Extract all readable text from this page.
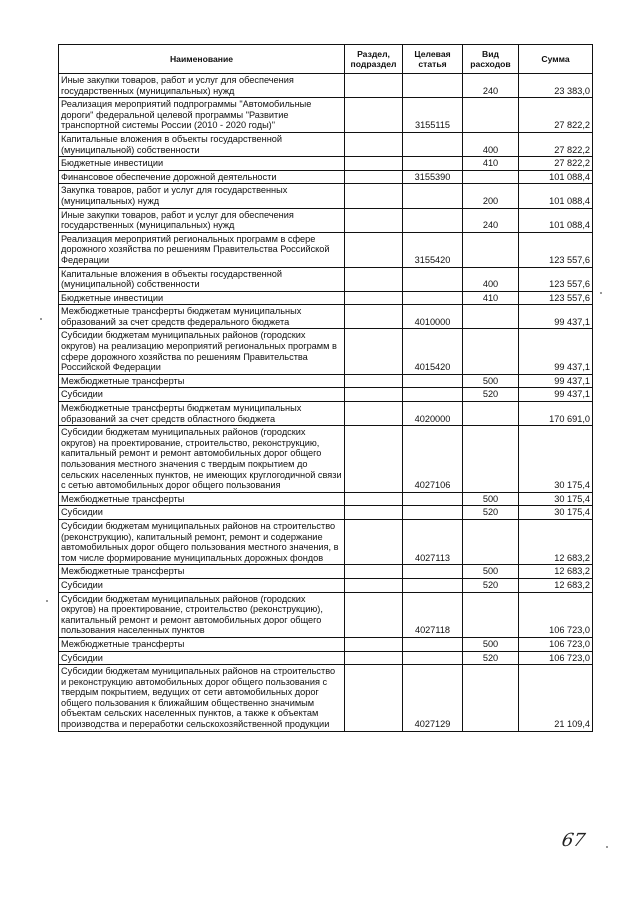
Наименование	Раздел, подраздел	Целевая статья	Вид расходов	Сумма
Иные закупки товаров, работ и услуг для обеспечения государственных (муниципальных) нужд			240	23 383,0
Реализация мероприятий подпрограммы "Автомобильные дороги" федеральной целевой программы "Развитие транспортной системы России (2010 - 2020 годы)"		3155115		27 822,2
Капитальные вложения в объекты государственной (муниципальной) собственности			400	27 822,2
Бюджетные инвестиции			410	27 822,2
Финансовое обеспечение дорожной деятельности		3155390		101 088,4
Закупка товаров, работ и услуг для государственных (муниципальных) нужд			200	101 088,4
Иные закупки товаров, работ и услуг для обеспечения государственных (муниципальных) нужд			240	101 088,4
Реализация мероприятий региональных программ в сфере дорожного хозяйства по решениям Правительства Российской Федерации		3155420		123 557,6
Капитальные вложения в объекты государственной (муниципальной) собственности			400	123 557,6
Бюджетные инвестиции			410	123 557,6
Межбюджетные трансферты бюджетам муниципальных образований за счет средств федерального бюджета		4010000		99 437,1
Субсидии бюджетам муниципальных районов (городских округов) на реализацию мероприятий региональных программ в сфере дорожного хозяйства по решениям Правительства Российской Федерации		4015420		99 437,1
Межбюджетные трансферты			500	99 437,1
Субсидии			520	99 437,1
Межбюджетные трансферты бюджетам муниципальных образований за счет средств областного бюджета		4020000		170 691,0
Субсидии бюджетам муниципальных районов (городских округов) на проектирование, строительство, реконструкцию, капитальный ремонт и ремонт автомобильных дорог общего пользования местного значения с твердым покрытием до сельских населенных пунктов, не имеющих круглогодичной связи с сетью автомобильных дорог общего пользования		4027106		30 175,4
Межбюджетные трансферты			500	30 175,4
Субсидии			520	30 175,4
Субсидии бюджетам муниципальных районов на строительство (реконструкцию), капитальный ремонт, ремонт и содержание автомобильных дорог общего пользования местного значения, в том числе формирование муниципальных дорожных фондов		4027113		12 683,2
Межбюджетные трансферты			500	12 683,2
Субсидии			520	12 683,2
Субсидии бюджетам муниципальных районов (городских округов) на проектирование, строительство (реконструкцию), капитальный ремонт и ремонт автомобильных дорог общего пользования населенных пунктов		4027118		106 723,0
Межбюджетные трансферты			500	106 723,0
Субсидии			520	106 723,0
Субсидии бюджетам муниципальных районов на строительство и реконструкцию автомобильных дорог общего пользования с твердым покрытием, ведущих от сети автомобильных дорог общего пользования к ближайшим общественно значимым объектам сельских населенных пунктов, а также к объектам производства и переработки сельскохозяйственной продукции		4027129		21 109,4
67
